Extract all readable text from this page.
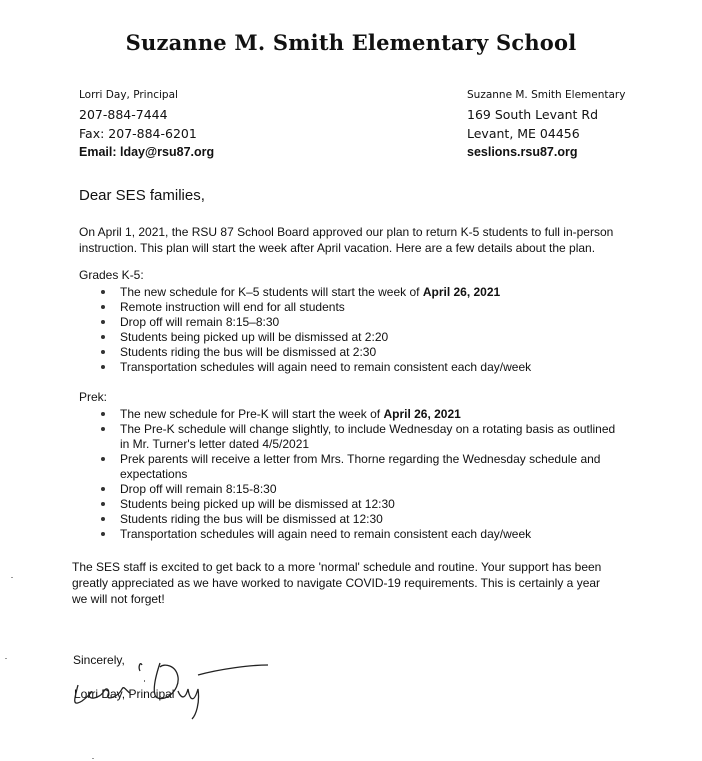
Suzanne M. Smith Elementary School
Lorri Day, Principal
207-884-7444
Fax: 207-884-6201
Email: lday@rsu87.org
Suzanne M. Smith Elementary
169 South Levant Rd
Levant, ME 04456
seslions.rsu87.org
Dear SES families,
On April 1, 2021, the RSU 87 School Board approved our plan to return K-5 students to full in-person instruction. This plan will start the week after April vacation. Here are a few details about the plan.
Grades K-5:
The new schedule for K–5 students will start the week of April 26, 2021
Remote instruction will end for all students
Drop off will remain 8:15–8:30
Students being picked up will be dismissed at 2:20
Students riding the bus will be dismissed at 2:30
Transportation schedules will again need to remain consistent each day/week
Prek:
The new schedule for Pre-K will start the week of April 26, 2021
The Pre-K schedule will change slightly, to include Wednesday on a rotating basis as outlined in Mr. Turner's letter dated 4/5/2021
Prek parents will receive a letter from Mrs. Thorne regarding the Wednesday schedule and expectations
Drop off will remain 8:15-8:30
Students being picked up will be dismissed at 12:30
Students riding the bus will be dismissed at 12:30
Transportation schedules will again need to remain consistent each day/week
The SES staff is excited to get back to a more 'normal' schedule and routine. Your support has been greatly appreciated as we have worked to navigate COVID-19 requirements. This is certainly a year we will not forget!
Sincerely,
Lorri Day, Principal
